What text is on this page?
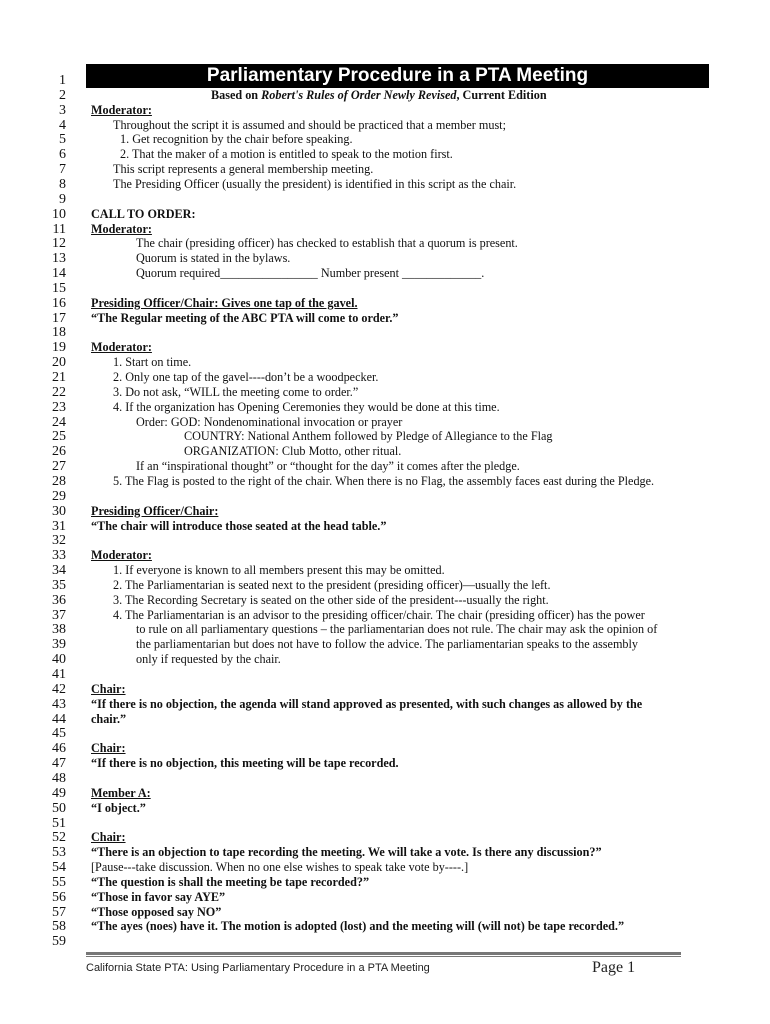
Parliamentary Procedure in a PTA Meeting
1
2	Based on Robert's Rules of Order Newly Revised, Current Edition
3 Moderator:
4	Throughout the script it is assumed and should be practiced that a member must;
5	1. Get recognition by the chair before speaking.
6	2. That the maker of a motion is entitled to speak to the motion first.
7	This script represents a general membership meeting.
8	The Presiding Officer (usually the president) is identified in this script as the chair.
9
10 CALL TO ORDER:
11 Moderator:
12	The chair (presiding officer) has checked to establish that a quorum is present.
13	Quorum is stated in the bylaws.
14	Quorum required________________ Number present _____________.
15
16 Presiding Officer/Chair: Gives one tap of the gavel.
17 “The Regular meeting of the ABC PTA will come to order.”
18
19 Moderator:
20	1. Start on time.
21	2. Only one tap of the gavel----don’t be a woodpecker.
22	3. Do not ask, “WILL the meeting come to order.”
23	4. If the organization has Opening Ceremonies they would be done at this time.
24	Order: GOD: Nondenominational invocation or prayer
25	COUNTRY: National Anthem followed by Pledge of Allegiance to the Flag
26	ORGANIZATION: Club Motto, other ritual.
27	If an “inspirational thought” or “thought for the day” it comes after the pledge.
28	5. The Flag is posted to the right of the chair. When there is no Flag, the assembly faces east during the Pledge.
29
30 Presiding Officer/Chair:
31 “The chair will introduce those seated at the head table.”
32
33 Moderator:
34	1. If everyone is known to all members present this may be omitted.
35	2. The Parliamentarian is seated next to the president (presiding officer)—usually the left.
36	3. The Recording Secretary is seated on the other side of the president---usually the right.
37	4. The Parliamentarian is an advisor to the presiding officer/chair. The chair (presiding officer) has the power
38	to rule on all parliamentary questions – the parliamentarian does not rule. The chair may ask the opinion of
39	the parliamentarian but does not have to follow the advice. The parliamentarian speaks to the assembly
40	only if requested by the chair.
41
42 Chair:
43 “If there is no objection, the agenda will stand approved as presented, with such changes as allowed by the
44 chair.”
45
46 Chair:
47 “If there is no objection, this meeting will be tape recorded.
48
49 Member A:
50 “I object.”
51
52 Chair:
53 “There is an objection to tape recording the meeting. We will take a vote. Is there any discussion?”
54 [Pause---take discussion. When no one else wishes to speak take vote by----.]
55 “The question is shall the meeting be tape recorded?”
56 “Those in favor say AYE”
57 “Those opposed say NO”
58 “The ayes (noes) have it. The motion is adopted (lost) and the meeting will (will not) be tape recorded.”
59
California State PTA: Using Parliamentary Procedure in a PTA Meeting	Page 1
